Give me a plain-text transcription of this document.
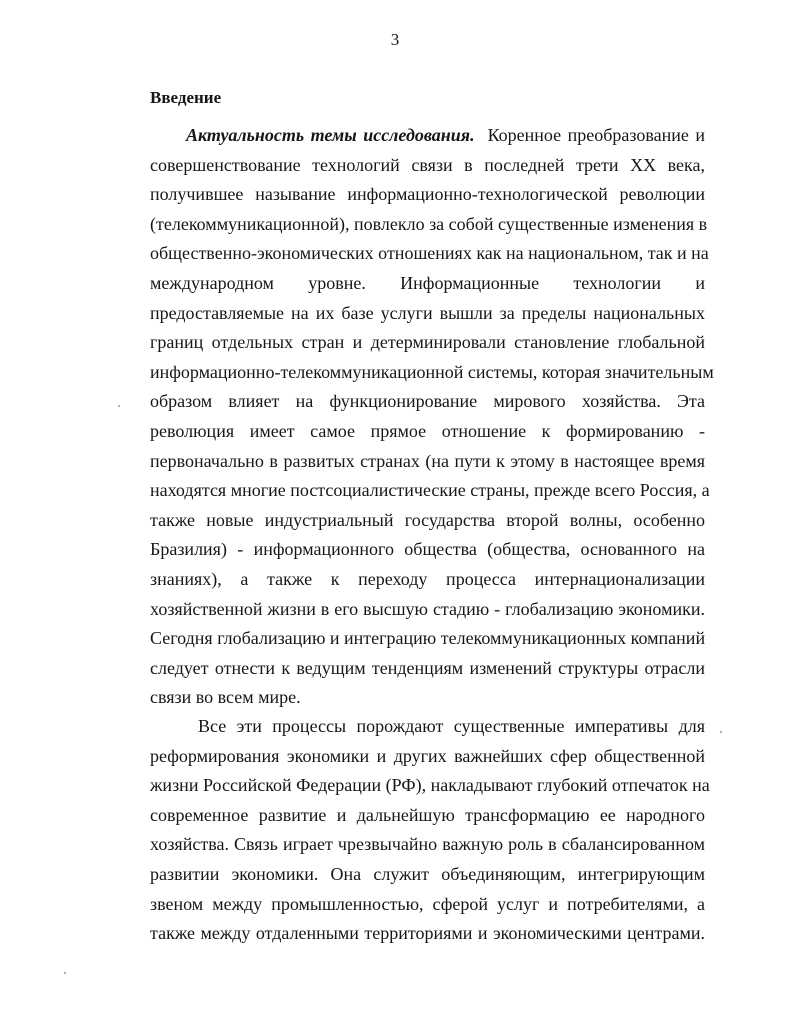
3
Введение
Актуальность темы исследования. Коренное преобразование и
совершенствование технологий связи в последней трети XX века,
получившее называние информационно-технологической революции
(телекоммуникационной), повлекло за собой существенные изменения в
общественно-экономических отношениях как на национальном, так и на
международном уровне. Информационные технологии и
предоставляемые на их базе услуги вышли за пределы национальных
границ отдельных стран и детерминировали становление глобальной
информационно-телекоммуникационной системы, которая значительным
образом влияет на функционирование мирового хозяйства. Эта
революция имеет самое прямое отношение к формированию -
первоначально в развитых странах (на пути к этому в настоящее время
находятся многие постсоциалистические страны, прежде всего Россия, а
также новые индустриальный государства второй волны, особенно
Бразилия) - информационного общества (общества, основанного на
знаниях), а также к переходу процесса интернационализации
хозяйственной жизни в его высшую стадию - глобализацию экономики.
Сегодня глобализацию и интеграцию телекоммуникационных компаний
следует отнести к ведущим тенденциям изменений структуры отрасли
связи во всем мире.
Все эти процессы порождают существенные императивы для
реформирования экономики и других важнейших сфер общественной
жизни Российской Федерации (РФ), накладывают глубокий отпечаток на
современное развитие и дальнейшую трансформацию ее народного
хозяйства. Связь играет чрезвычайно важную роль в сбалансированном
развитии экономики. Она служит объединяющим, интегрирующим
звеном между промышленностью, сферой услуг и потребителями, а
также между отдаленными территориями и экономическими центрами.
